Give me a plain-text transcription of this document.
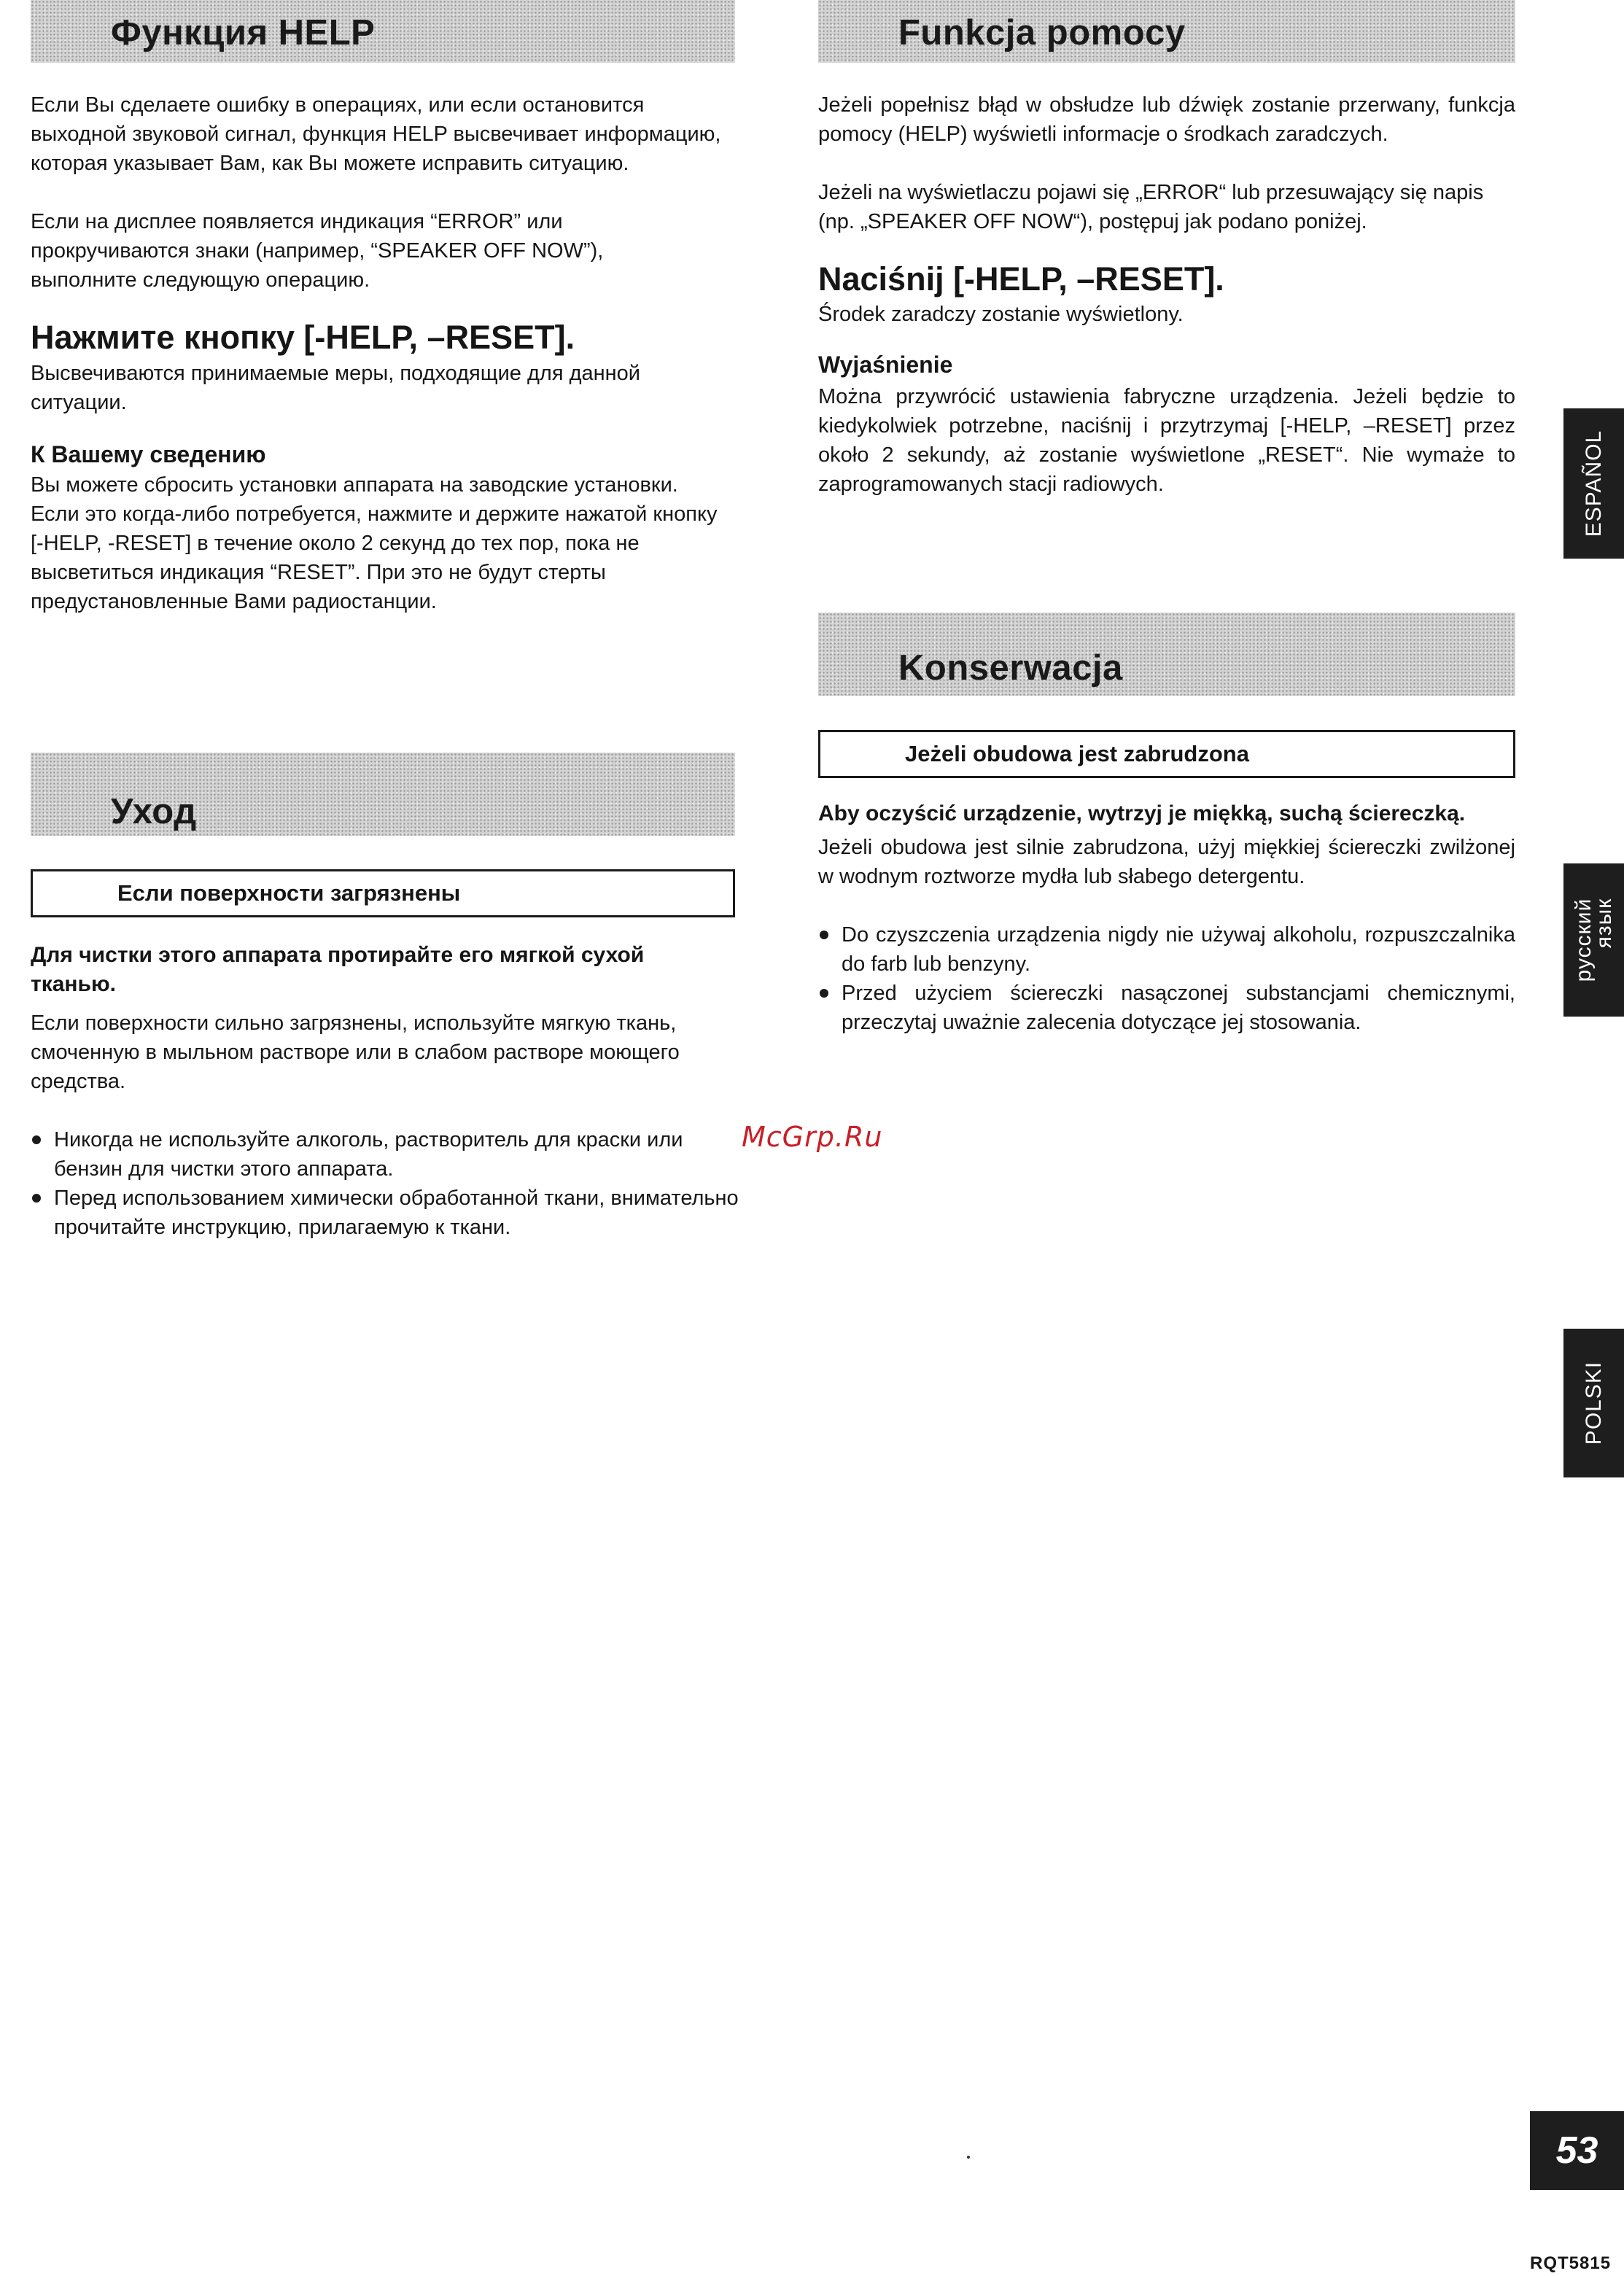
Функция HELP

Если Вы сделаете ошибку в операциях, или если остановится выходной звуковой сигнал, функция HELP высвечивает информацию, которая указывает Вам, как Вы можете исправить ситуацию.

Если на дисплее появляется индикация “ERROR” или прокручиваются знаки (например, “SPEAKER OFF NOW”), выполните следующую операцию.

Нажмите кнопку [-HELP, –RESET].

Высвечиваются принимаемые меры, подходящие для данной ситуации.

К Вашему сведению

Вы можете сбросить установки аппарата на заводские установки. Если это когда-либо потребуется, нажмите и держите нажатой кнопку [-HELP, -RESET] в течение около 2 секунд до тех пор, пока не высветиться индикация “RESET”. При это не будут стерты предустановленные Вами радиостанции.

Уход
Если поверхности загрязнены

Для чистки этого аппарата протирайте его мягкой сухой тканью.

Если поверхности сильно загрязнены, используйте мягкую ткань, смоченную в мыльном растворе или в слабом растворе моющего средства.

Никогда не используйте алкоголь, растворитель для краски или бензин для чистки этого аппарата.
Перед использованием химически обработанной ткани, внимательно прочитайте инструкцию, прилагаемую к ткани.
McGrp.Ru
Funkcja pomocy

Jeżeli popełnisz błąd w obsłudze lub dźwięk zostanie przerwany, funkcja pomocy (HELP) wyświetli informacje o środkach zaradczych.

Jeżeli na wyświetlaczu pojawi się „ERROR“ lub przesuwający się napis (np. „SPEAKER OFF NOW“), postępuj jak podano poniżej.

Naciśnij [-HELP, –RESET].

Środek zaradczy zostanie wyświetlony.

Wyjaśnienie

Można przywrócić ustawienia fabryczne urządzenia. Jeżeli będzie to kiedykolwiek potrzebne, naciśnij i przytrzymaj [-HELP, –RESET] przez około 2 sekundy, aż zostanie wyświetlone „RESET“. Nie wymaże to zaprogramowanych stacji radiowych.

Konserwacja
Jeżeli obudowa jest zabrudzona

Aby oczyścić urządzenie, wytrzyj je miękką, suchą ściereczką.

Jeżeli obudowa jest silnie zabrudzona, użyj miękkiej ściereczki zwilżonej w wodnym roztworze mydła lub słabego detergentu.

Do czyszczenia urządzenia nigdy nie używaj alkoholu, rozpuszczalnika do farb lub benzyny.
Przed użyciem ściereczki nasączonej substancjami chemicznymi, przeczytaj uważnie zalecenia dotyczące jej stosowania.
ESPAÑOL
русский
язык
POLSKI
53
RQT5815
